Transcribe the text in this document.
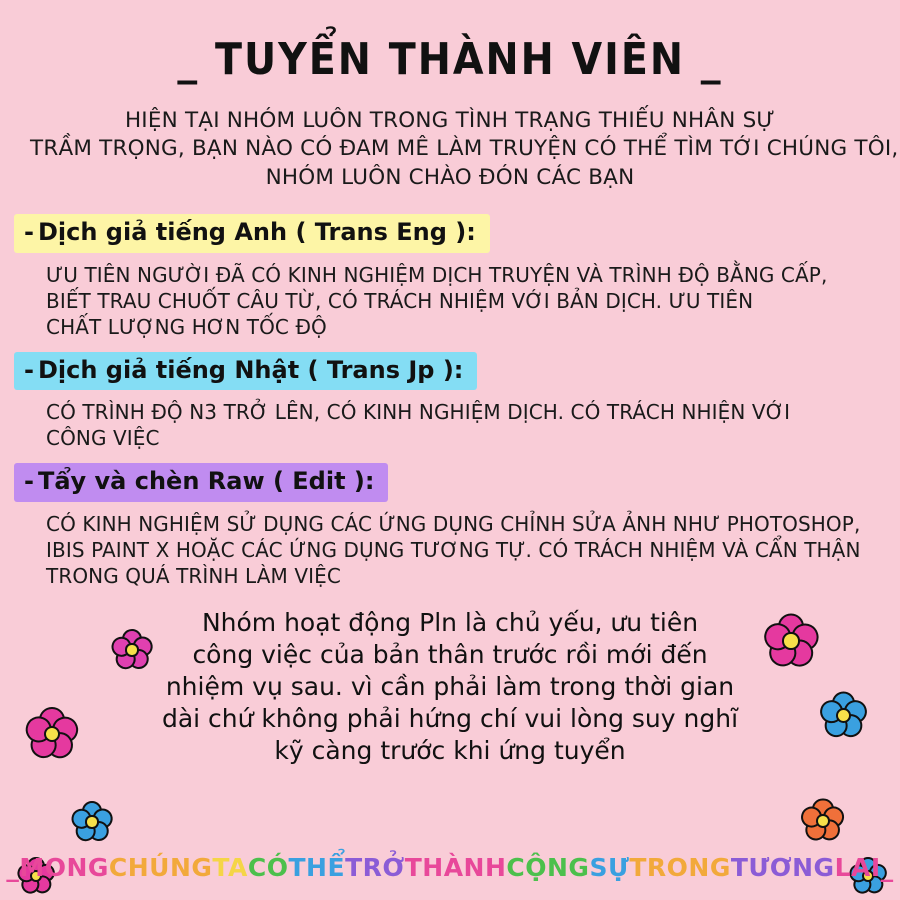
_ TUYỂN THÀNH VIÊN _
HIỆN TẠI NHÓM LUÔN TRONG TÌNH TRẠNG THIẾU NHÂN SỰ
TRẦM TRỌNG, BẠN NÀO CÓ ĐAM MÊ LÀM TRUYỆN CÓ THỂ TÌM TỚI CHÚNG TÔI,
NHÓM LUÔN CHÀO ĐÓN CÁC BẠN
- Dịch giả tiếng Anh ( Trans Eng ):
ƯU TIÊN NGƯỜI ĐÃ CÓ KINH NGHIỆM DỊCH TRUYỆN VÀ TRÌNH ĐỘ BẰNG CẤP,
BIẾT TRAU CHUỐT CÂU TỪ, CÓ TRÁCH NHIỆM VỚI BẢN DỊCH. ƯU TIÊN
CHẤT LƯỢNG HƠN TỐC ĐỘ
- Dịch giả tiếng Nhật ( Trans Jp ):
CÓ TRÌNH ĐỘ N3 TRỞ LÊN, CÓ KINH NGHIỆM DỊCH. CÓ TRÁCH NHIỆN VỚI
CÔNG VIỆC
- Tẩy và chèn Raw ( Edit ):
CÓ KINH NGHIỆM SỬ DỤNG CÁC ỨNG DỤNG CHỈNH SỬA ẢNH NHƯ PHOTOSHOP,
IBIS PAINT X HOẶC CÁC ỨNG DỤNG TƯƠNG TỰ. CÓ TRÁCH NHIỆM VÀ CẨN THẬN
TRONG QUÁ TRÌNH LÀM VIỆC
Nhóm hoạt động Pln là chủ yếu, ưu tiên
công việc của bản thân trước rồi mới đến
nhiệm vụ sau. vì cần phải làm trong thời gian
dài chứ không phải hứng chí vui lòng suy nghĩ
kỹ càng trước khi ứng tuyển
_MONGCHÚNGTACÓTHỂTRỞTHÀNHCỘNGSỰTRONGTƯƠNGLAI_
